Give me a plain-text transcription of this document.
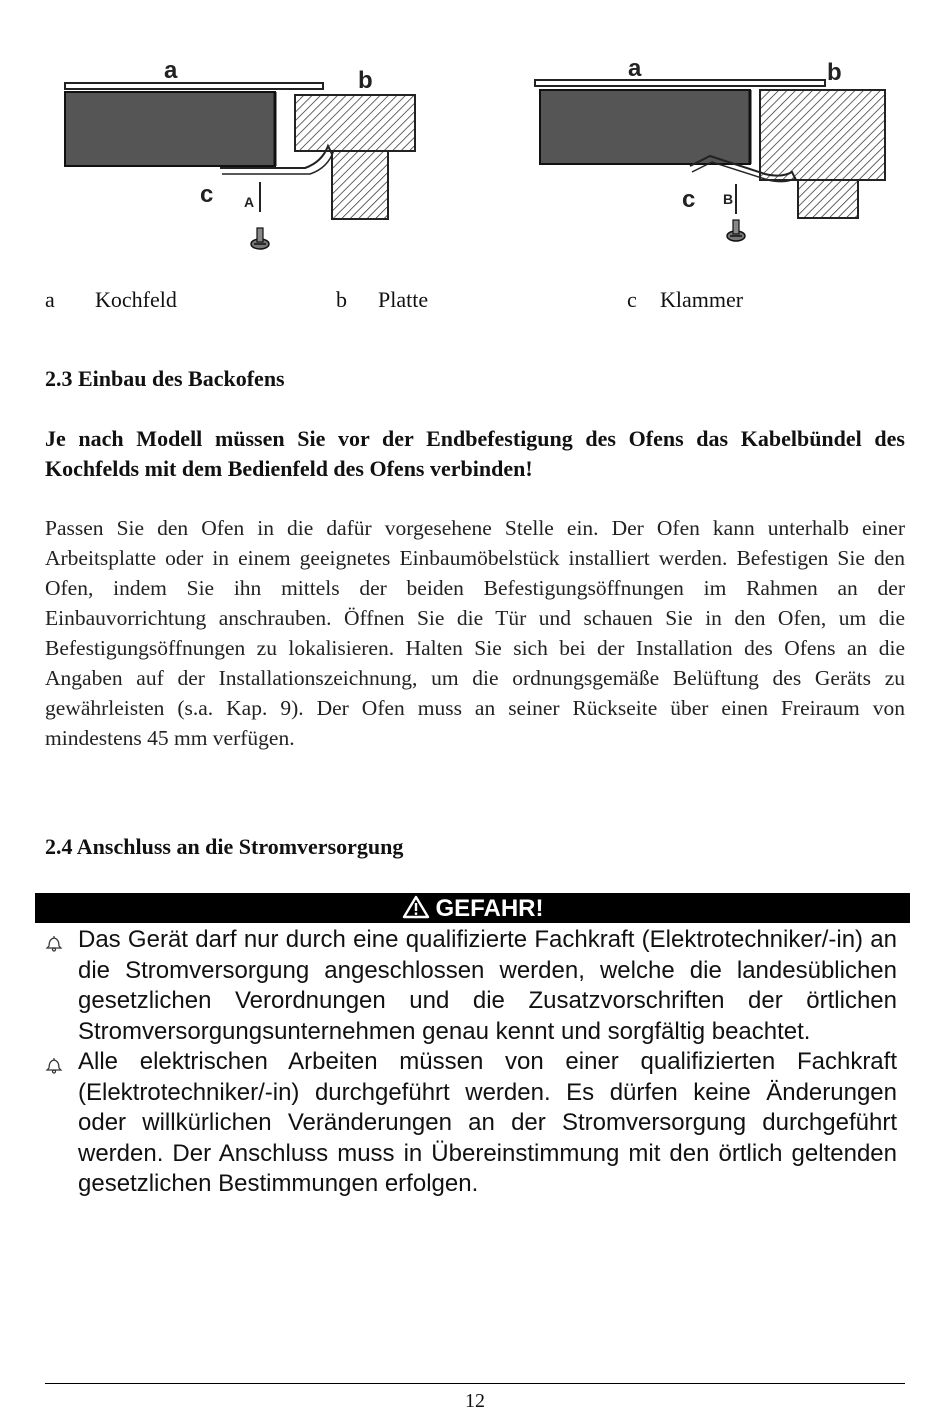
a	b
c A
a	b
c B
a Kochfeld	b Platte	c Klammer
2.3 Einbau des Backofens
Je nach Modell müssen Sie vor der Endbefestigung des Ofens das Kabelbündel des Kochfelds mit dem Bedienfeld des Ofens verbinden!
Passen Sie den Ofen in die dafür vorgesehene Stelle ein. Der Ofen kann unterhalb einer Arbeitsplatte oder in einem geeignetes Einbaumöbelstück installiert werden. Befestigen Sie den Ofen, indem Sie ihn mittels der beiden Befestigungsöffnungen im Rahmen an der Einbauvorrichtung anschrauben. Öffnen Sie die Tür und schauen Sie in den Ofen, um die Befestigungsöffnungen zu lokalisieren. Halten Sie sich bei der Installation des Ofens an die Angaben auf der Installationszeichnung, um die ordnungsgemäße Belüftung des Geräts zu gewährleisten (s.a. Kap. 9). Der Ofen muss an seiner Rückseite über einen Freiraum von mindestens 45 mm verfügen.
2.4 Anschluss an die Stromversorgung
GEFAHR!
Das Gerät darf nur durch eine qualifizierte Fachkraft (Elektrotechniker/-in) an die Stromversorgung angeschlossen werden, welche die landesüblichen gesetzlichen Verordnungen und die Zusatzvorschriften der örtlichen Stromversorgungsunternehmen genau kennt und sorgfältig beachtet.
Alle elektrischen Arbeiten müssen von einer qualifizierten Fachkraft (Elektrotechniker/-in) durchgeführt werden. Es dürfen keine Änderungen oder willkürlichen Veränderungen an der Stromversorgung durchgeführt werden. Der Anschluss muss in Übereinstimmung mit den örtlich geltenden gesetzlichen Bestimmungen erfolgen.
12
